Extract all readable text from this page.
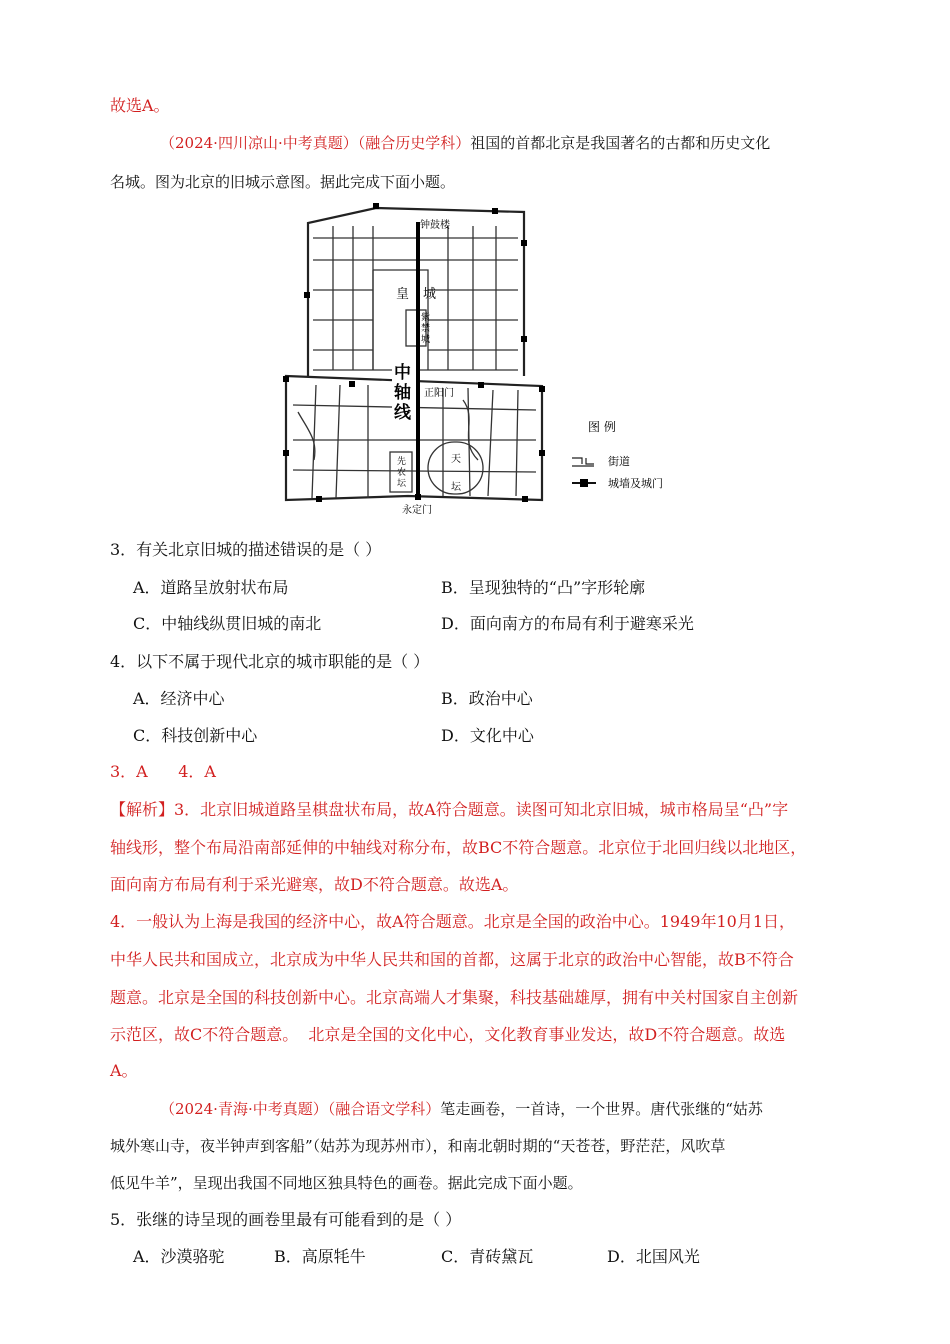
故选A。
（2024·四川凉山·中考真题）（融合历史学科）祖国的首都北京是我国著名的古都和历史文化
名城。图为北京的旧城示意图。据此完成下面小题。
钟鼓楼
皇 城
紫
禁
城
中
轴
线
正阳门
先
农
坛
天
坛
永定门
图 例
街道
城墙及城门
3．有关北京旧城的描述错误的是（ ）
A．道路呈放射状布局	B．呈现独特的“凸”字形轮廓
C．中轴线纵贯旧城的南北	D．面向南方的布局有利于避寒采光
4．以下不属于现代北京的城市职能的是（ ）
A．经济中心	B．政治中心
C．科技创新中心	D．文化中心
3．A      4．A
【解析】3．北京旧城道路呈棋盘状布局，故A符合题意。读图可知北京旧城，城市格局呈“凸”字
轴线形，整个布局沿南部延伸的中轴线对称分布，故BC不符合题意。北京位于北回归线以北地区，
面向南方布局有利于采光避寒，故D不符合题意。故选A。
4．一般认为上海是我国的经济中心，故A符合题意。北京是全国的政治中心。1949年10月1日，
中华人民共和国成立，北京成为中华人民共和国的首都，这属于北京的政治中心智能，故B不符合
题意。北京是全国的科技创新中心。北京高端人才集聚，科技基础雄厚，拥有中关村国家自主创新
示范区，故C不符合题意。  北京是全国的文化中心，文化教育事业发达，故D不符合题意。故选
A。
（2024·青海·中考真题）（融合语文学科）笔走画卷，一首诗，一个世界。唐代张继的“姑苏
城外寒山寺，夜半钟声到客船”（姑苏为现苏州市），和南北朝时期的“天苍苍，野茫茫，风吹草
低见牛羊”，呈现出我国不同地区独具特色的画卷。据此完成下面小题。
5．张继的诗呈现的画卷里最有可能看到的是（ ）
A．沙漠骆驼	B．高原牦牛	C．青砖黛瓦	D．北国风光
